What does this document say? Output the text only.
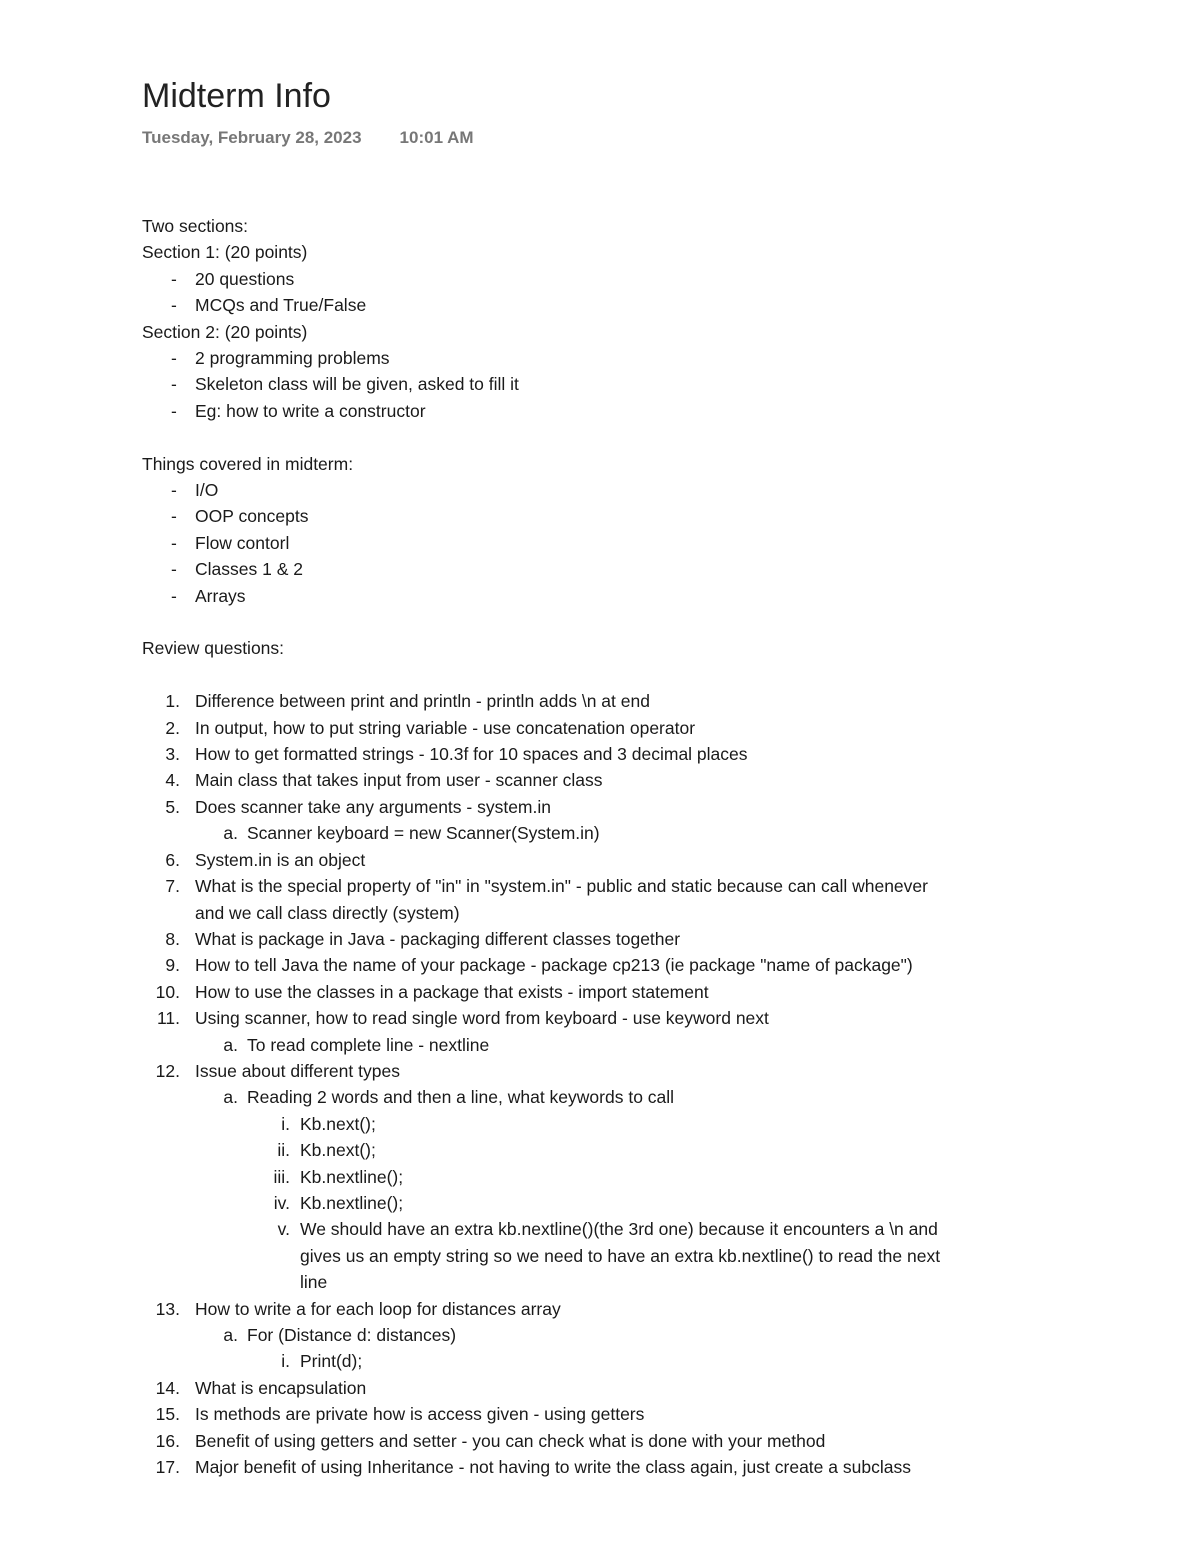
Midterm Info
Tuesday, February 28, 2023 10:01 AM
Two sections:
Section 1: (20 points)
- 20 questions
- MCQs and True/False
Section 2: (20 points)
- 2 programming problems
- Skeleton class will be given, asked to fill it
- Eg: how to write a constructor
Things covered in midterm:
- I/O
- OOP concepts
- Flow contorl
- Classes 1 & 2
- Arrays
Review questions:
1. Difference between print and println - println adds \n at end
2. In output, how to put string variable - use concatenation operator
3. How to get formatted strings - 10.3f for 10 spaces and 3 decimal places
4. Main class that takes input from user - scanner class
5. Does scanner take any arguments - system.in
a. Scanner keyboard = new Scanner(System.in)
6. System.in is an object
7. What is the special property of "in" in "system.in" - public and static because can call whenever
and we call class directly (system)
8. What is package in Java - packaging different classes together
9. How to tell Java the name of your package - package cp213 (ie package "name of package")
10. How to use the classes in a package that exists - import statement
11. Using scanner, how to read single word from keyboard - use keyword next
a. To read complete line - nextline
12. Issue about different types
a. Reading 2 words and then a line, what keywords to call
i. Kb.next();
ii. Kb.next();
iii. Kb.nextline();
iv. Kb.nextline();
v. We should have an extra kb.nextline()(the 3rd one) because it encounters a \n and
gives us an empty string so we need to have an extra kb.nextline() to read the next
line
13. How to write a for each loop for distances array
a. For (Distance d: distances)
i. Print(d);
14. What is encapsulation
15. Is methods are private how is access given - using getters
16. Benefit of using getters and setter - you can check what is done with your method
17. Major benefit of using Inheritance - not having to write the class again, just create a subclass
